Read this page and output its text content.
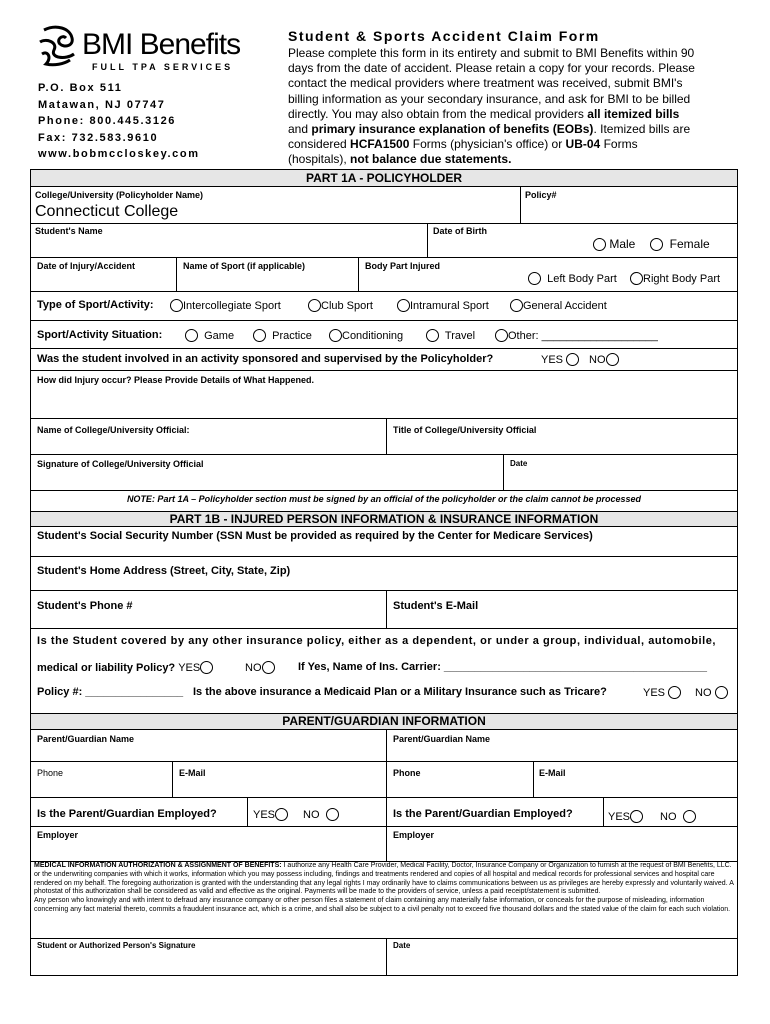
BMI Benefits
FULL TPA SERVICES
P.O. Box 511
Matawan, NJ 07747
Phone: 800.445.3126
Fax: 732.583.9610
www.bobmccloskey.com
Student & Sports Accident Claim Form
Please complete this form in its entirety and submit to BMI Benefits within 90
days from the date of accident. Please retain a copy for your records. Please
contact the medical providers where treatment was received, submit BMI's
billing information as your secondary insurance, and ask for BMI to be billed
directly. You may also obtain from the medical providers all itemized bills
and primary insurance explanation of benefits (EOBs). Itemized bills are
considered HCFA1500 Forms (physician's office) or UB-04 Forms
(hospitals), not balance due statements.
PART 1A - POLICYHOLDER
College/University (Policyholder Name)
Connecticut College
Policy#
Student's Name	Date of Birth
Male	Female
Date of Injury/Accident	Name of Sport (if applicable)	Body Part Injured
Left Body Part	Right Body Part
Type of Sport/Activity:	Intercollegiate Sport	Club Sport	Intramural Sport	General Accident
Sport/Activity Situation:	Game	Practice	Conditioning	Travel	Other: ___________________
Was the student involved in an activity sponsored and supervised by the Policyholder?	YES	NO
How did Injury occur? Please Provide Details of What Happened.
Name of College/University Official:	Title of College/University Official
Signature of College/University Official	Date
NOTE: Part 1A – Policyholder section must be signed by an official of the policyholder or the claim cannot be processed
PART 1B - INJURED PERSON INFORMATION & INSURANCE INFORMATION
Student's Social Security Number (SSN Must be provided as required by the Center for Medicare Services)
Student's Home Address (Street, City, State, Zip)
Student's Phone #	Student's E-Mail
Is the Student covered by any other insurance policy, either as a dependent, or under a group, individual, automobile,
medical or liability Policy? YES	NO	If Yes, Name of Ins. Carrier: ___________________________________________
Policy #: ________________ Is the above insurance a Medicaid Plan or a Military Insurance such as Tricare?	YES	NO
PARENT/GUARDIAN INFORMATION
Parent/Guardian Name	Parent/Guardian Name
Phone	E-Mail	Phone	E-Mail
Is the Parent/Guardian Employed?	YES	NO	Is the Parent/Guardian Employed?	YES	NO
Employer	Employer
MEDICAL INFORMATION AUTHORIZATION & ASSIGNMENT OF BENEFITS: I authorize any Health Care Provider, Medical Facility, Doctor, Insurance Company or Organization to furnish at the request of BMI Benefits, LLC. or the underwriting companies with which it works, information which you may possess including, findings and treatments rendered and copies of all hospital and medical records for professional services and hospital care rendered on my behalf. The foregoing authorization is granted with the understanding that any legal rights I may ordinarily have to claims communications between us as privileges are hereby expressly and voluntarily waived. A photostat of this authorization shall be considered as valid and effective as the original. Payments will be made to the providers of service, unless a paid receipt/statement is submitted.
Any person who knowingly and with intent to defraud any insurance company or other person files a statement of claim containing any materially false information, or conceals for the purpose of misleading, information concerning any fact material thereto, commits a fraudulent insurance act, which is a crime, and shall also be subject to a civil penalty not to exceed five thousand dollars and the stated value of the claim for each such violation.
Student or Authorized Person's Signature	Date
